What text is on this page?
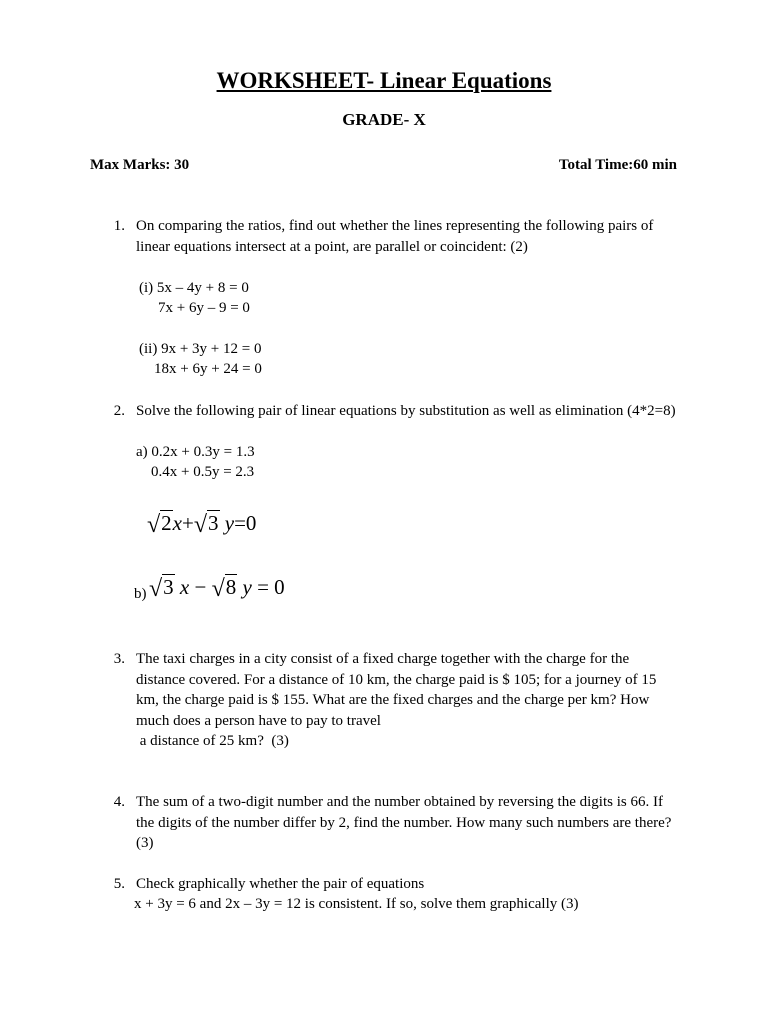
WORKSHEET- Linear Equations
GRADE- X
Max Marks: 30	Total Time:60 min
1. On comparing the ratios, find out whether the lines representing the following pairs of
linear equations intersect at a point, are parallel or coincident: (2)
(i) 5x – 4y + 8 = 0
7x + 6y – 9 = 0
(ii) 9x + 3y + 12 = 0
18x + 6y + 24 = 0
2. Solve the following pair of linear equations by substitution as well as elimination (4*2=8)
a) 0.2x + 0.3y = 1.3
0.4x + 0.5y = 2.3
√2x+√3 y=0
b) √3 x − √8 y = 0
3. The taxi charges in a city consist of a fixed charge together with the charge for the
distance covered. For a distance of 10 km, the charge paid is $ 105; for a journey of 15
km, the charge paid is $ 155. What are the fixed charges and the charge per km? How
much does a person have to pay to travel
a distance of 25 km?  (3)
4. The sum of a two-digit number and the number obtained by reversing the digits is 66. If
the digits of the number differ by 2, find the number. How many such numbers are there?
(3)
5. Check graphically whether the pair of equations
x + 3y = 6 and 2x – 3y = 12 is consistent. If so, solve them graphically (3)
